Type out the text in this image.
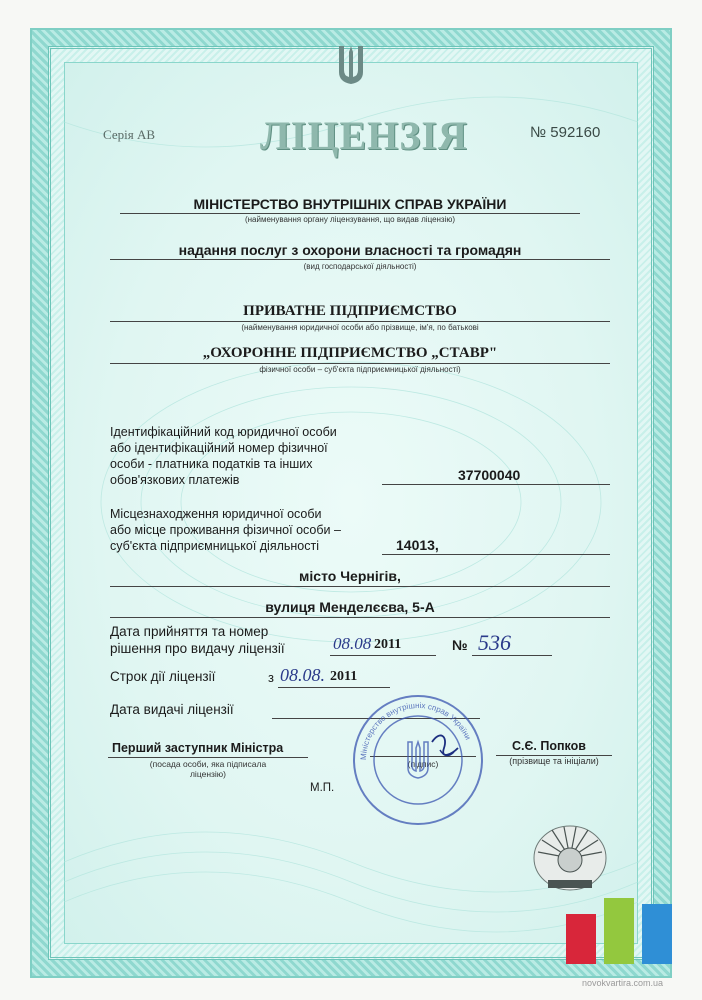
Серія АВ	ЛІЦЕНЗІЯ	№ 592160
МІНІСТЕРСТВО ВНУТРІШНІХ СПРАВ УКРАЇНИ
(найменування органу ліцензування, що видав ліцензію)
надання послуг з охорони власності та громадян
(вид господарської діяльності)
ПРИВАТНЕ ПІДПРИЄМСТВО
(найменування юридичної особи або прізвище, ім'я, по батькові
„ОХОРОННЕ ПІДПРИЄМСТВО „СТАВР"
фізичної особи – суб'єкта підприємницької діяльності)
Ідентифікаційний код юридичної особи
або ідентифікаційний номер фізичної
особи - платника податків та інших
обов'язкових платежів	37700040
Місцезнаходження юридичної особи
або місце проживання фізичної особи –
суб'єкта підприємницької діяльності	14013,
місто Чернігів,
вулиця Менделєєва, 5-А
Дата прийняття та номер
рішення про видачу ліцензії	08.08 2011	№ 536
Строк дії ліцензії	з 08.08. 2011
Дата видачі ліцензії
Перший заступник Міністра
(посада особи, яка підписала
ліцензію)
(підпис)
С.Є. Попков
(прізвище та ініціали)
М.П.
Міністерство внутрішніх справ України
novokvartira.com.ua
